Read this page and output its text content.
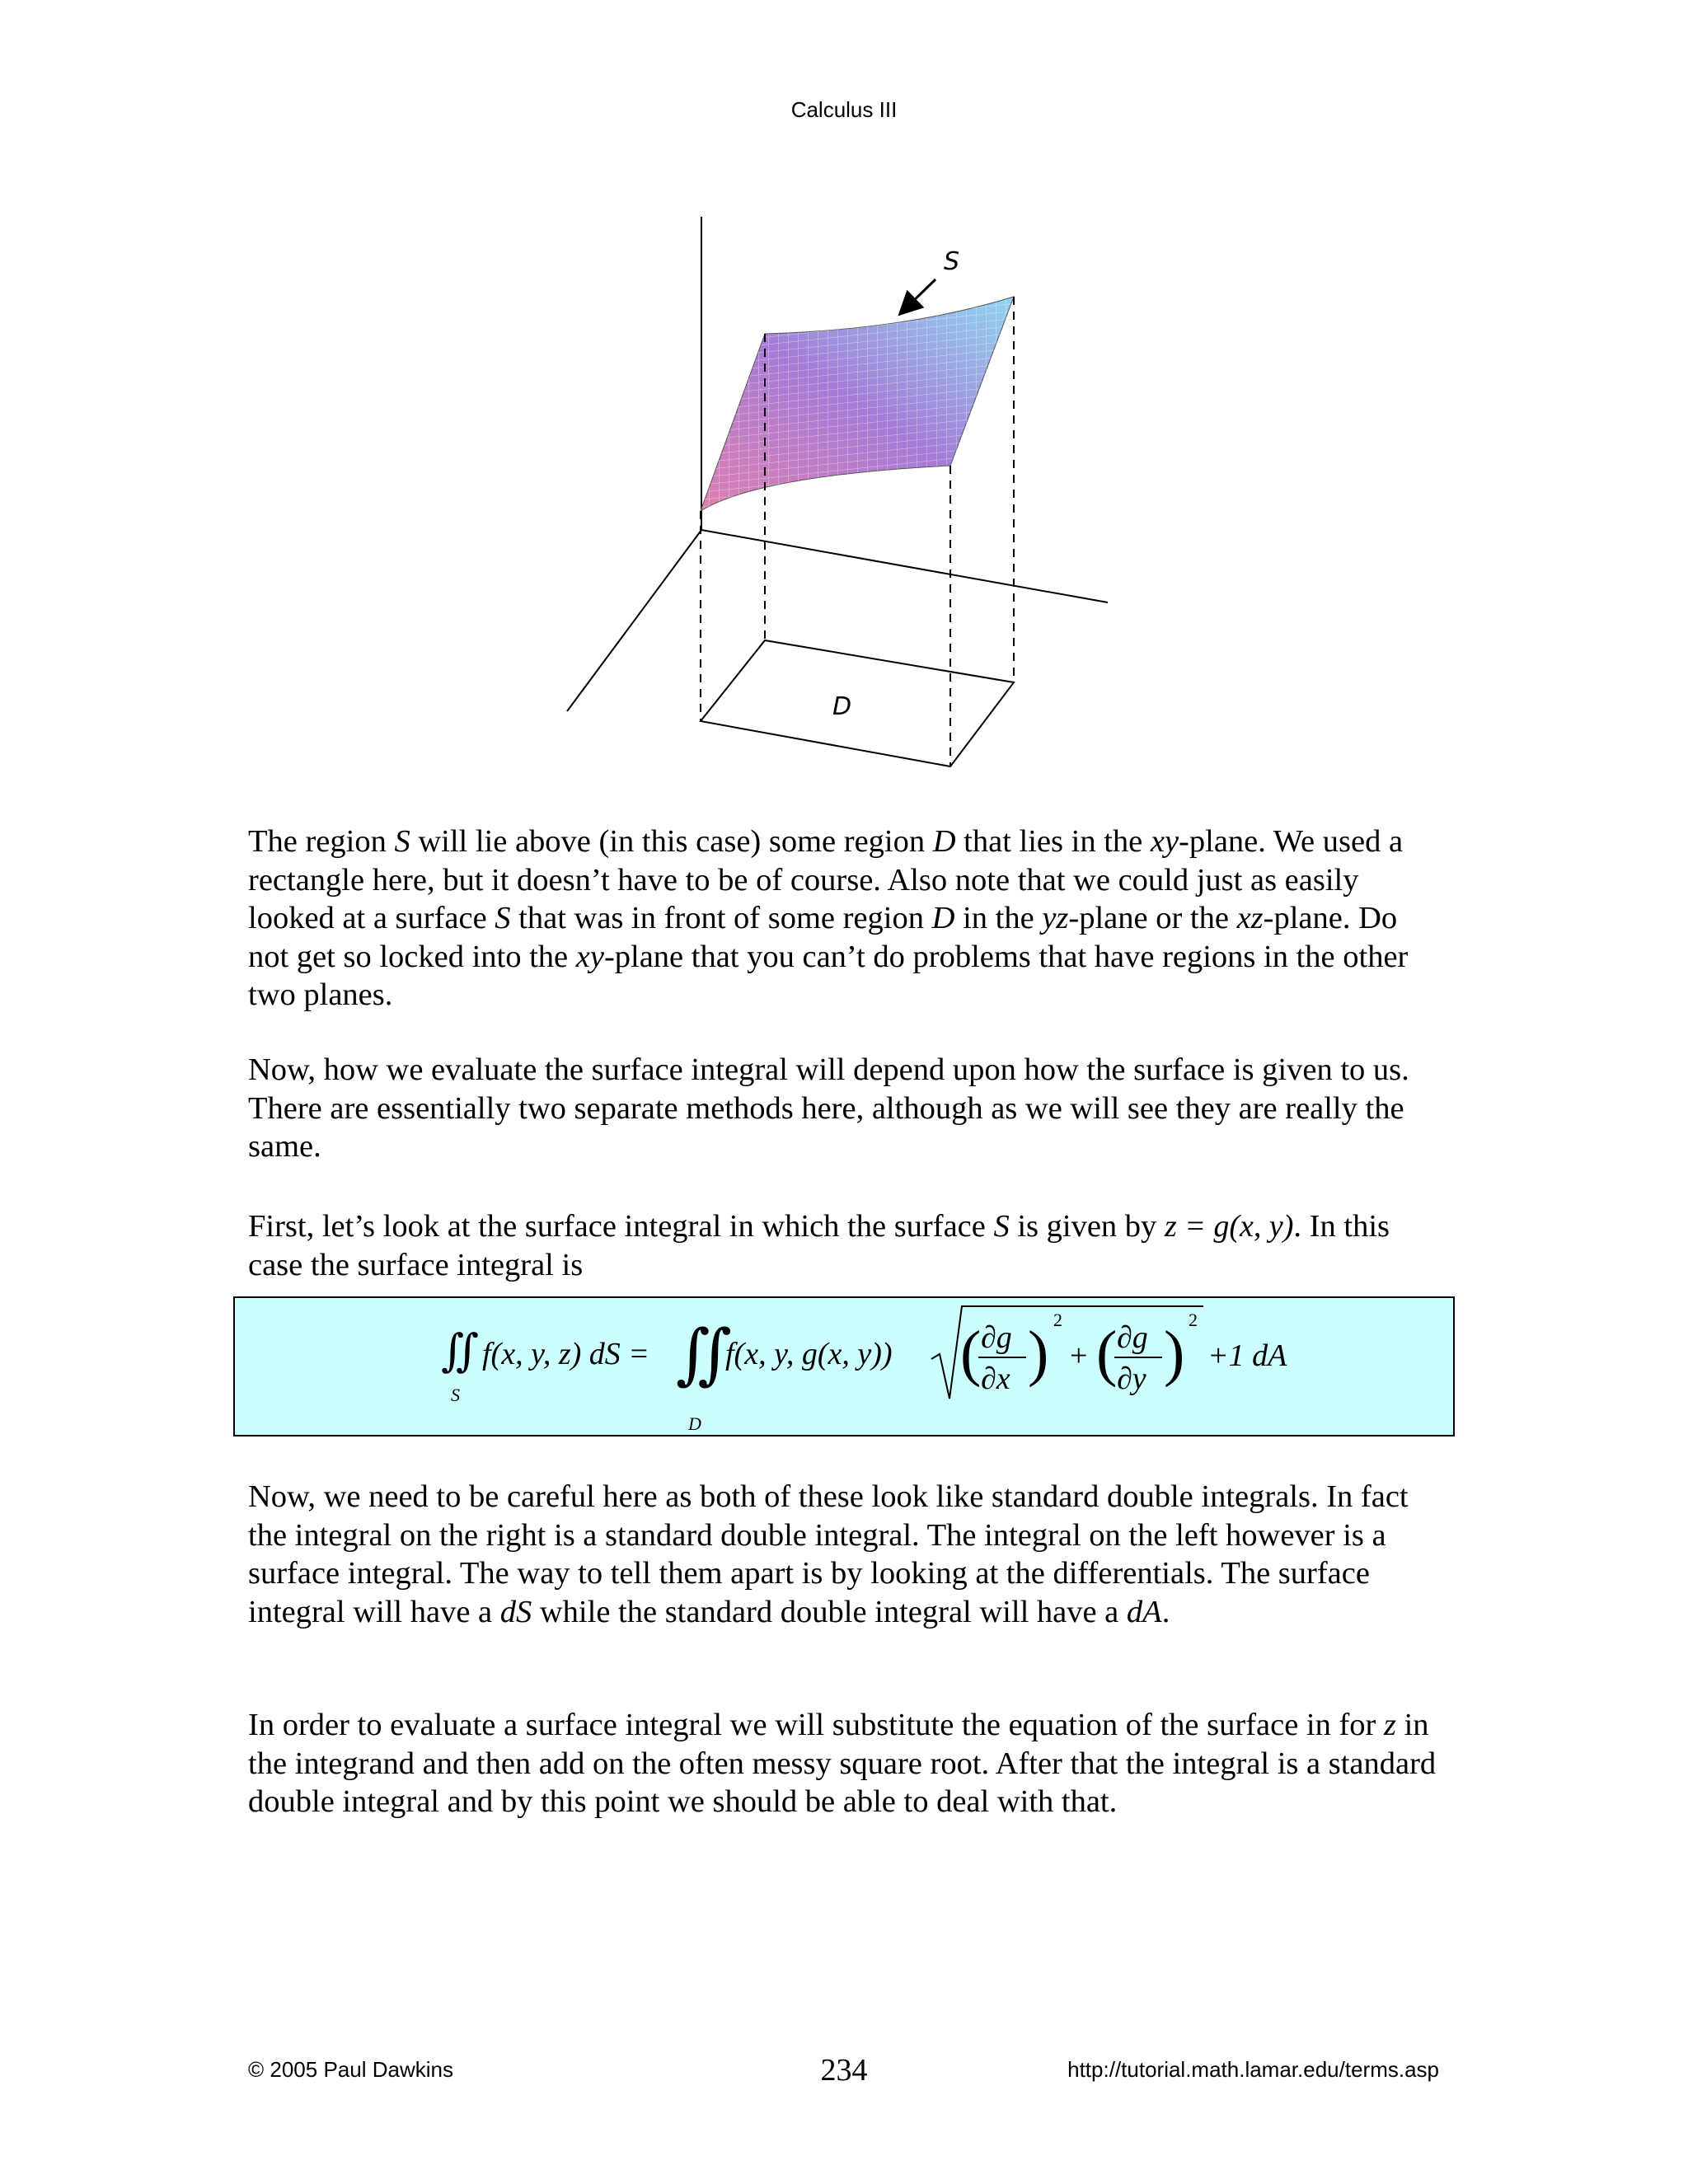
Calculus III
S
D

The region S will lie above (in this case) some region D that lies in the xy-plane. We used a rectangle here, but it doesn’t have to be of course. Also note that we could just as easily looked at a surface S that was in front of some region D in the yz-plane or the xz-plane. Do not get so locked into the xy-plane that you can’t do problems that have regions in the other two planes.

Now, how we evaluate the surface integral will depend upon how the surface is given to us. There are essentially two separate methods here, although as we will see they are really the same.

First, let’s look at the surface integral in which the surface S is given by z = g(x, y). In this case the surface integral is

∬
S
f(x, y, z) dS = ∬
D
f(x, y, g(x, y)) ( ∂g
∂x ) 2
+ ( ∂g
∂y ) 2
+1 dA

Now, we need to be careful here as both of these look like standard double integrals. In fact the integral on the right is a standard double integral. The integral on the left however is a surface integral. The way to tell them apart is by looking at the differentials. The surface integral will have a dS while the standard double integral will have a dA.

In order to evaluate a surface integral we will substitute the equation of the surface in for z in the integrand and then add on the often messy square root. After that the integral is a standard double integral and by this point we should be able to deal with that.

© 2005 Paul Dawkins	234	http://tutorial.math.lamar.edu/terms.asp
